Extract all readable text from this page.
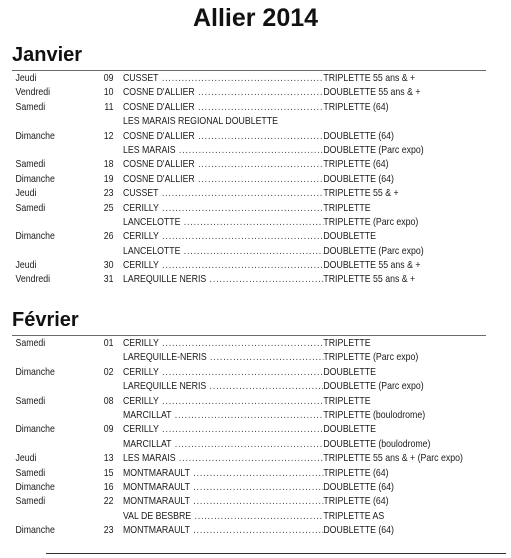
Allier 2014
Janvier
Jeudi	09 CUSSET .....	TRIPLETTE 55 ans & +
Vendredi	10 COSNE D'ALLIER .....	DOUBLETTE 55 ans & +
Samedi	11 COSNE D'ALLIER .....	TRIPLETTE (64)
LES MARAIS REGIONAL DOUBLETTE
Dimanche	12 COSNE D'ALLIER .....	DOUBLETTE (64)
LES MARAIS .....	DOUBLETTE (Parc expo)
Samedi	18 COSNE D'ALLIER .....	TRIPLETTE (64)
Dimanche	19 COSNE D'ALLIER .....	DOUBLETTE (64)
Jeudi	23 CUSSET .....	TRIPLETTE 55 & +
Samedi	25 CERILLY .....	TRIPLETTE
LANCELOTTE .....	TRIPLETTE (Parc expo)
Dimanche	26 CERILLY .....	DOUBLETTE
LANCELOTTE .....	DOUBLETTE (Parc expo)
Jeudi	30 CERILLY .....	DOUBLETTE 55 ans & +
Vendredi	31 LAREQUILLE NERIS .....	TRIPLETTE 55 ans & +
Février
Samedi	01 CERILLY .....	TRIPLETTE
LAREQUILLE-NERIS .....	TRIPLETTE (Parc expo)
Dimanche	02 CERILLY .....	DOUBLETTE
LAREQUILLE NERIS .....	DOUBLETTE (Parc expo)
Samedi	08 CERILLY .....	TRIPLETTE
MARCILLAT .....	TRIPLETTE (boulodrome)
Dimanche	09 CERILLY .....	DOUBLETTE
MARCILLAT .....	DOUBLETTE (boulodrome)
Jeudi	13 LES MARAIS .....	TRIPLETTE 55 ans & + (Parc expo)
Samedi	15 MONTMARAULT .....	TRIPLETTE (64)
Dimanche	16 MONTMARAULT .....	DOUBLETTE (64)
Samedi	22 MONTMARAULT .....	TRIPLETTE (64)
VAL DE BESBRE .....	TRIPLETTE AS
Dimanche	23 MONTMARAULT .....	DOUBLETTE (64)
